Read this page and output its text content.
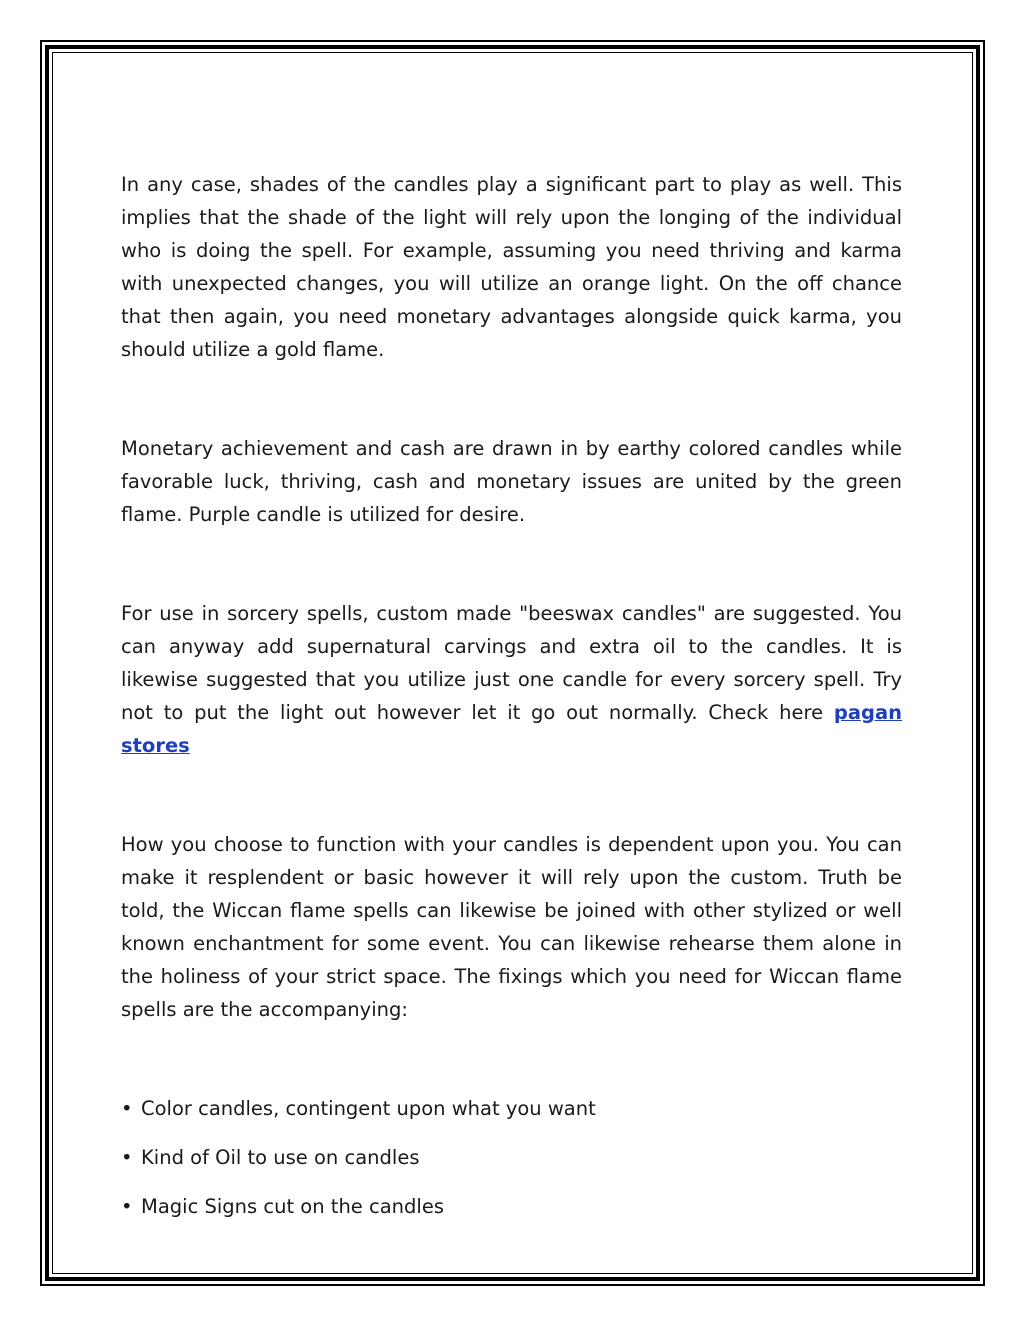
In any case, shades of the candles play a significant part to play as well. This implies that the shade of the light will rely upon the longing of the individual who is doing the spell. For example, assuming you need thriving and karma with unexpected changes, you will utilize an orange light. On the off chance that then again, you need monetary advantages alongside quick karma, you should utilize a gold flame.

Monetary achievement and cash are drawn in by earthy colored candles while favorable luck, thriving, cash and monetary issues are united by the green flame. Purple candle is utilized for desire.

For use in sorcery spells, custom made "beeswax candles" are suggested. You can anyway add supernatural carvings and extra oil to the candles. It is likewise suggested that you utilize just one candle for every sorcery spell. Try not to put the light out however let it go out normally. Check here pagan stores

How you choose to function with your candles is dependent upon you. You can make it resplendent or basic however it will rely upon the custom. Truth be told, the Wiccan flame spells can likewise be joined with other stylized or well known enchantment for some event. You can likewise rehearse them alone in the holiness of your strict space. The fixings which you need for Wiccan flame spells are the accompanying:

• Color candles, contingent upon what you want
• Kind of Oil to use on candles
• Magic Signs cut on the candles
